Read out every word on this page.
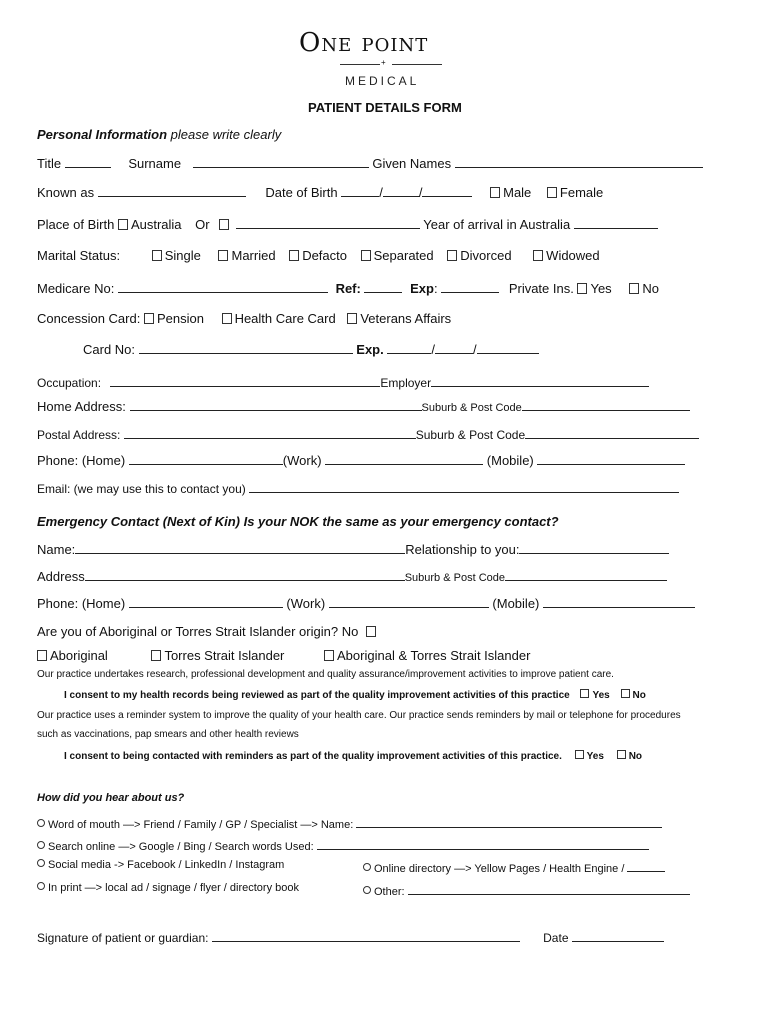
One point
+
MEDICAL
PATIENT DETAILS FORM
Personal Information please write clearly
Title	Surname	Given Names
Known as	Date of Birth	/	/	Male Female
Place of Birth Australia Or	Year of arrival in Australia
Marital Status:	Single Married Defacto Separated Divorced	Widowed
Medicare No:	Ref:	Exp:	Private Ins. Yes No
Concession Card: Pension Health Care Card Veterans Affairs
Card No:	Exp.	/	/
Occupation:	Employer
Home Address:	Suburb & Post Code
Postal Address:	Suburb & Post Code
Phone: (Home)	(Work)	(Mobile)
Email: (we may use this to contact you)
Emergency Contact (Next of Kin) Is your NOK the same as your emergency contact?
Name:	Relationship to you:
Address	Suburb & Post Code
Phone: (Home)	(Work)	(Mobile)
Are you of Aboriginal or Torres Strait Islander origin? No
Aboriginal	Torres Strait Islander	Aboriginal & Torres Strait Islander
Our practice undertakes research, professional development and quality assurance/improvement activities to improve patient care.
I consent to my health records being reviewed as part of the quality improvement activities of this practice Yes No
Our practice uses a reminder system to improve the quality of your health care. Our practice sends reminders by mail or telephone for procedures
such as vaccinations, pap smears and other health reviews
I consent to being contacted with reminders as part of the quality improvement activities of this practice. Yes No
How did you hear about us?
Word of mouth —> Friend / Family / GP / Specialist —> Name:
Search online —> Google / Bing / Search words Used:
Social media -> Facebook / LinkedIn / Instagram	Online directory —> Yellow Pages / Health Engine /
In print —> local ad / signage / flyer / directory book	Other:
Signature of patient or guardian:	Date
